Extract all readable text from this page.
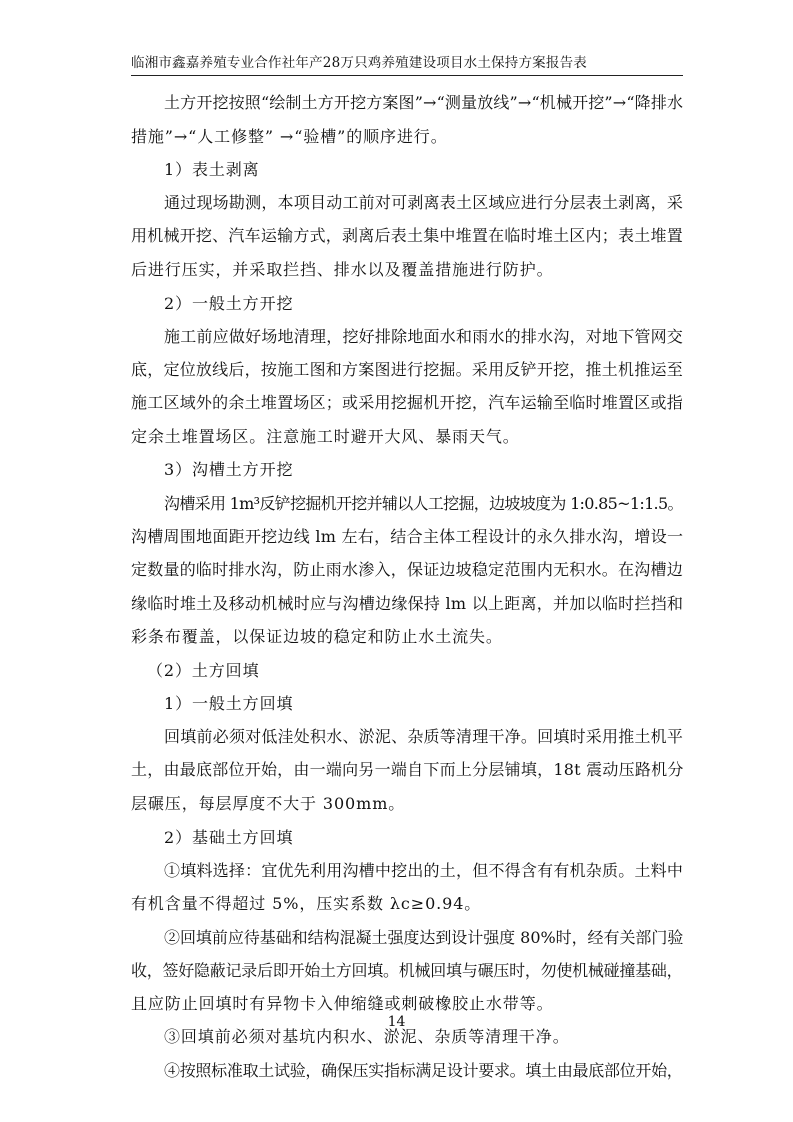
临湘市鑫嘉养殖专业合作社年产28万只鸡养殖建设项目水土保持方案报告表
土方开挖按照“绘制土方开挖方案图”→“测量放线”→“机械开挖”→“降排水
措施”→“人工修整” →“验槽”的顺序进行。
1）表土剥离
通过现场勘测，本项目动工前对可剥离表土区域应进行分层表土剥离，采
用机械开挖、汽车运输方式，剥离后表土集中堆置在临时堆土区内；表土堆置
后进行压实，并采取拦挡、排水以及覆盖措施进行防护。
2）一般土方开挖
施工前应做好场地清理，挖好排除地面水和雨水的排水沟，对地下管网交
底，定位放线后，按施工图和方案图进行挖掘。采用反铲开挖，推土机推运至
施工区域外的余土堆置场区；或采用挖掘机开挖，汽车运输至临时堆置区或指
定余土堆置场区。注意施工时避开大风、暴雨天气。
3）沟槽土方开挖
沟槽采用 1m³反铲挖掘机开挖并辅以人工挖掘，边坡坡度为 1:0.85~1:1.5。
沟槽周围地面距开挖边线 lm 左右，结合主体工程设计的永久排水沟，增设一
定数量的临时排水沟，防止雨水渗入，保证边坡稳定范围内无积水。在沟槽边
缘临时堆土及移动机械时应与沟槽边缘保持 lm 以上距离，并加以临时拦挡和
彩条布覆盖，以保证边坡的稳定和防止水土流失。
（2）土方回填
1）一般土方回填
回填前必须对低洼处积水、淤泥、杂质等清理干净。回填时采用推土机平
土，由最底部位开始，由一端向另一端自下而上分层铺填，18t 震动压路机分
层碾压，每层厚度不大于 300mm。
2）基础土方回填
①填料选择：宜优先利用沟槽中挖出的土，但不得含有有机杂质。土料中
有机含量不得超过 5%，压实系数 λc≥0.94。
②回填前应待基础和结构混凝土强度达到设计强度 80%时，经有关部门验
收，签好隐蔽记录后即开始土方回填。机械回填与碾压时，勿使机械碰撞基础，
且应防止回填时有异物卡入伸缩缝或刺破橡胶止水带等。
③回填前必须对基坑内积水、淤泥、杂质等清理干净。
④按照标准取土试验，确保压实指标满足设计要求。填土由最底部位开始，
14
